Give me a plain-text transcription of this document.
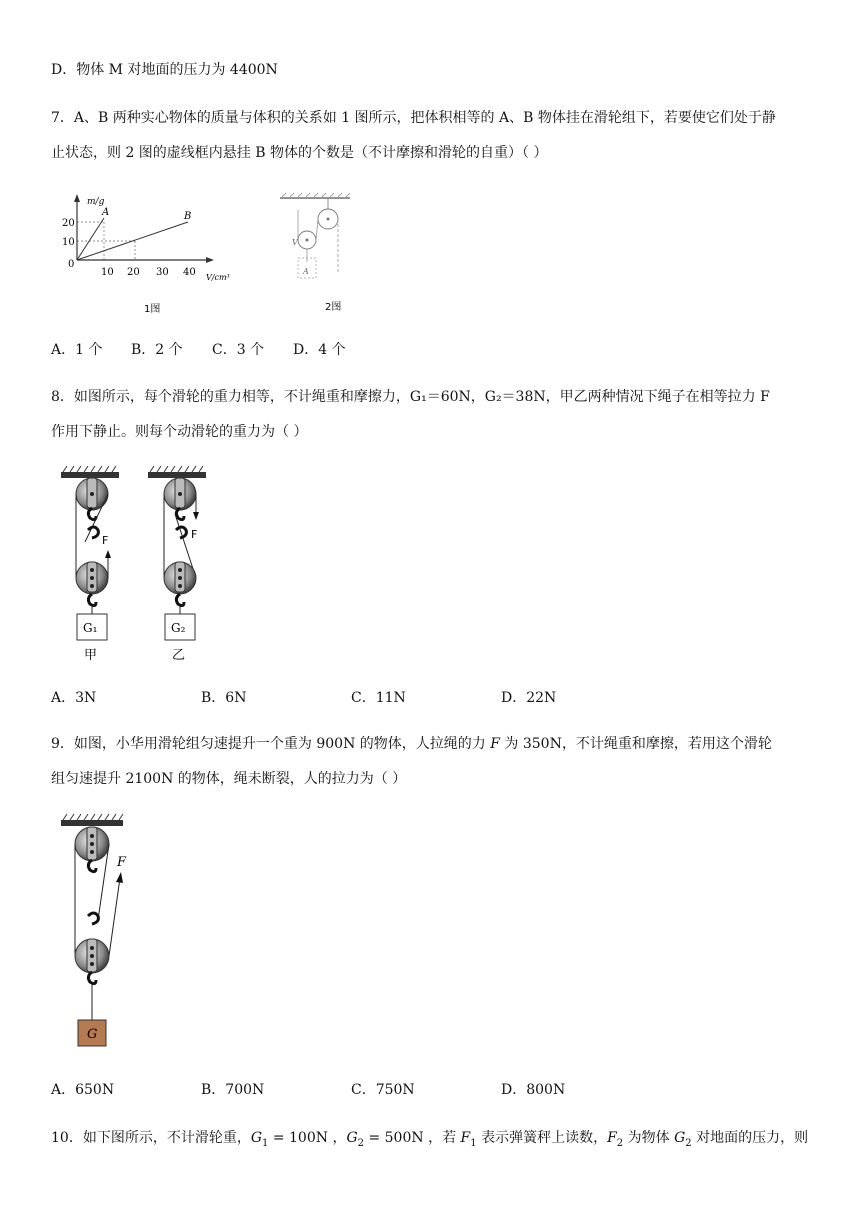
D．物体 M 对地面的压力为 4400N
7．A、B 两种实心物体的质量与体积的关系如 1 图所示，把体积相等的 A、B 物体挂在滑轮组下，若要使它们处于静
止状态，则 2 图的虚线框内悬挂 B 物体的个数是（不计摩擦和滑轮的自重）（ ）
m/g
V/cm³
20
10
0
10 20 30 40
A	B
1图
V
A
2图
A．1 个 B．2 个 C．3 个 D．4 个
8．如图所示，每个滑轮的重力相等，不计绳重和摩擦力，G₁＝60N，G₂＝38N，甲乙两种情况下绳子在相等拉力 F
作用下静止。则每个动滑轮的重力为（ ）
F
G₁
甲
F
G₂
乙
A．3N	B．6N	C．11N	D．22N
9．如图，小华用滑轮组匀速提升一个重为 900N 的物体，人拉绳的力 F 为 350N，不计绳重和摩擦，若用这个滑轮
组匀速提升 2100N 的物体，绳未断裂，人的拉力为（ ）
F
G
A．650N	B．700N	C．750N	D．800N
10．如下图所示，不计滑轮重，$G_1 = 100N$ ，$G_2 = 500N$ ，若 $F_1$ 表示弹簧秤上读数，$F_2$ 为物体 $G_2$ 对地面的压力，则
